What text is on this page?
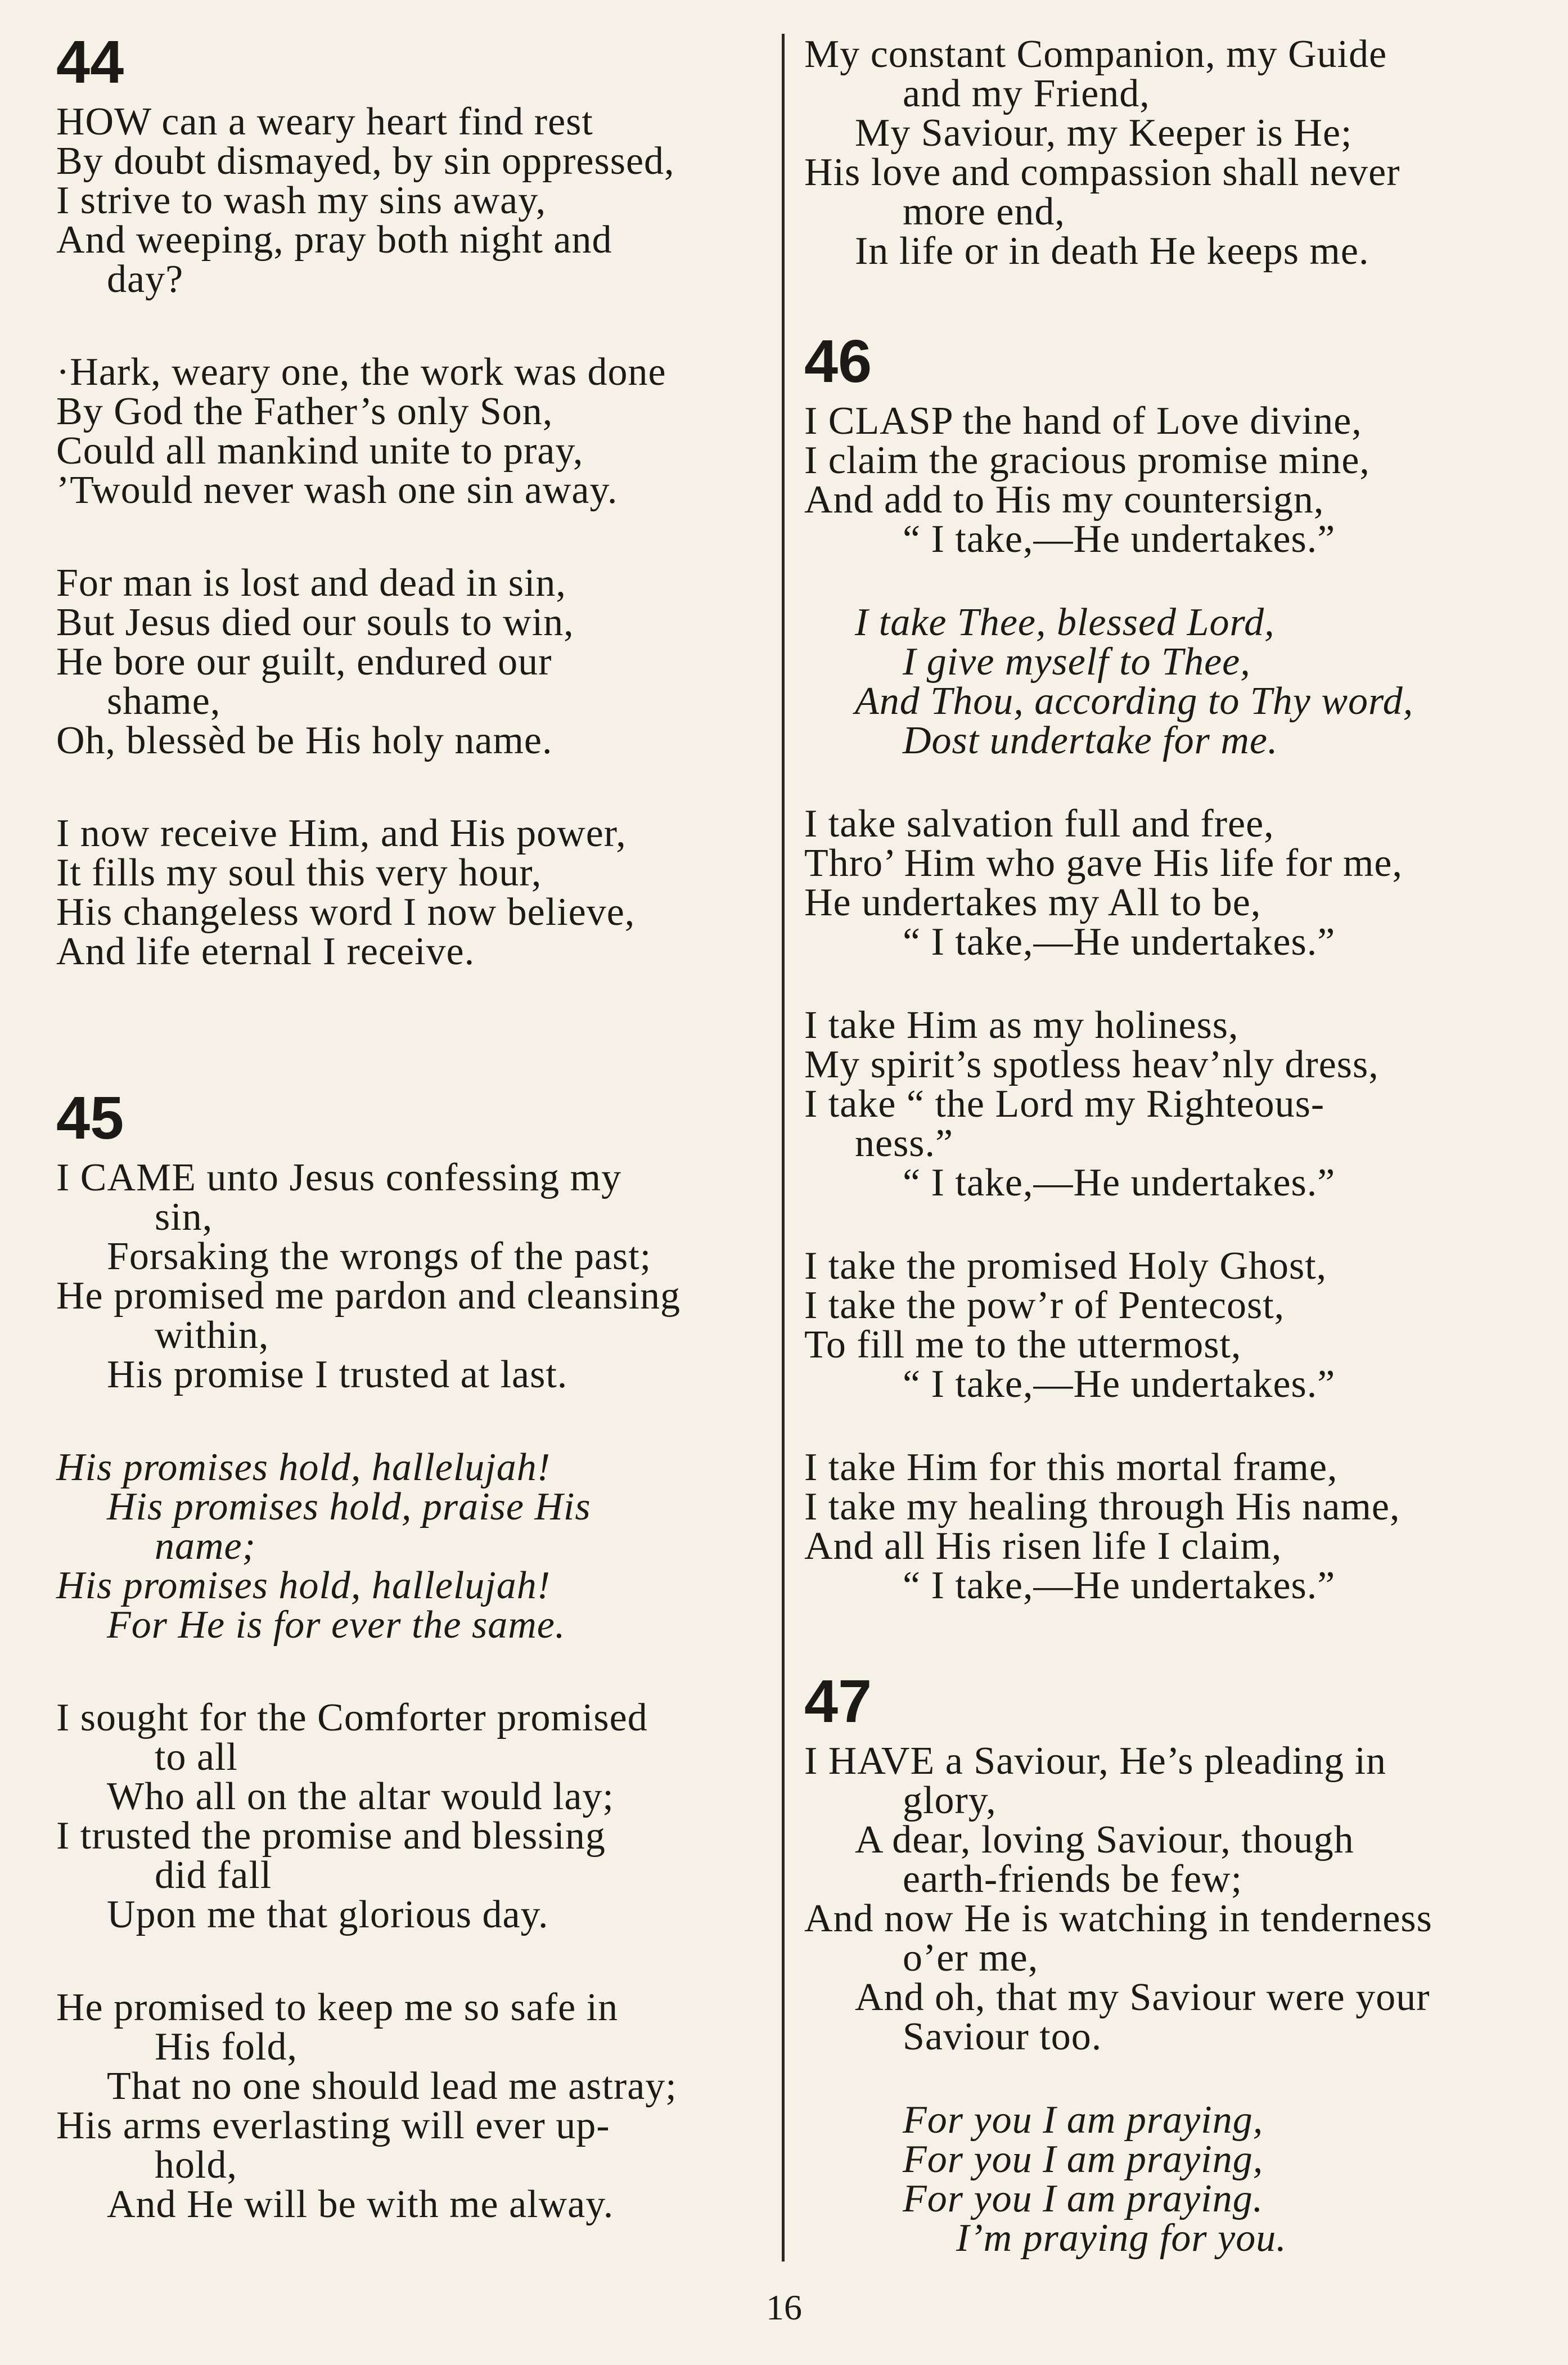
44
HOW can a weary heart find rest
By doubt dismayed, by sin oppressed,
I strive to wash my sins away,
And weeping, pray both night and
day?
·Hark, weary one, the work was done
By God the Father’s only Son,
Could all mankind unite to pray,
’Twould never wash one sin away.
For man is lost and dead in sin,
But Jesus died our souls to win,
He bore our guilt, endured our
shame,
Oh, blessèd be His holy name.
I now receive Him, and His power,
It fills my soul this very hour,
His changeless word I now believe,
And life eternal I receive.
45
I CAME unto Jesus confessing my
sin,
Forsaking the wrongs of the past;
He promised me pardon and cleansing
within,
His promise I trusted at last.
His promises hold, hallelujah!
His promises hold, praise His
name;
His promises hold, hallelujah!
For He is for ever the same.
I sought for the Comforter promised
to all
Who all on the altar would lay;
I trusted the promise and blessing
did fall
Upon me that glorious day.
He promised to keep me so safe in
His fold,
That no one should lead me astray;
His arms everlasting will ever up-
hold,
And He will be with me alway.
My constant Companion, my Guide
and my Friend,
My Saviour, my Keeper is He;
His love and compassion shall never
more end,
In life or in death He keeps me.
46
I CLASP the hand of Love divine,
I claim the gracious promise mine,
And add to His my countersign,
“ I take,—He undertakes.”
I take Thee, blessed Lord,
I give myself to Thee,
And Thou, according to Thy word,
Dost undertake for me.
I take salvation full and free,
Thro’ Him who gave His life for me,
He undertakes my All to be,
“ I take,—He undertakes.”
I take Him as my holiness,
My spirit’s spotless heav’nly dress,
I take “ the Lord my Righteous-
ness.”
“ I take,—He undertakes.”
I take the promised Holy Ghost,
I take the pow’r of Pentecost,
To fill me to the uttermost,
“ I take,—He undertakes.”
I take Him for this mortal frame,
I take my healing through His name,
And all His risen life I claim,
“ I take,—He undertakes.”
47
I HAVE a Saviour, He’s pleading in
glory,
A dear, loving Saviour, though
earth-friends be few;
And now He is watching in tenderness
o’er me,
And oh, that my Saviour were your
Saviour too.
For you I am praying,
For you I am praying,
For you I am praying.
I’m praying for you.
16
